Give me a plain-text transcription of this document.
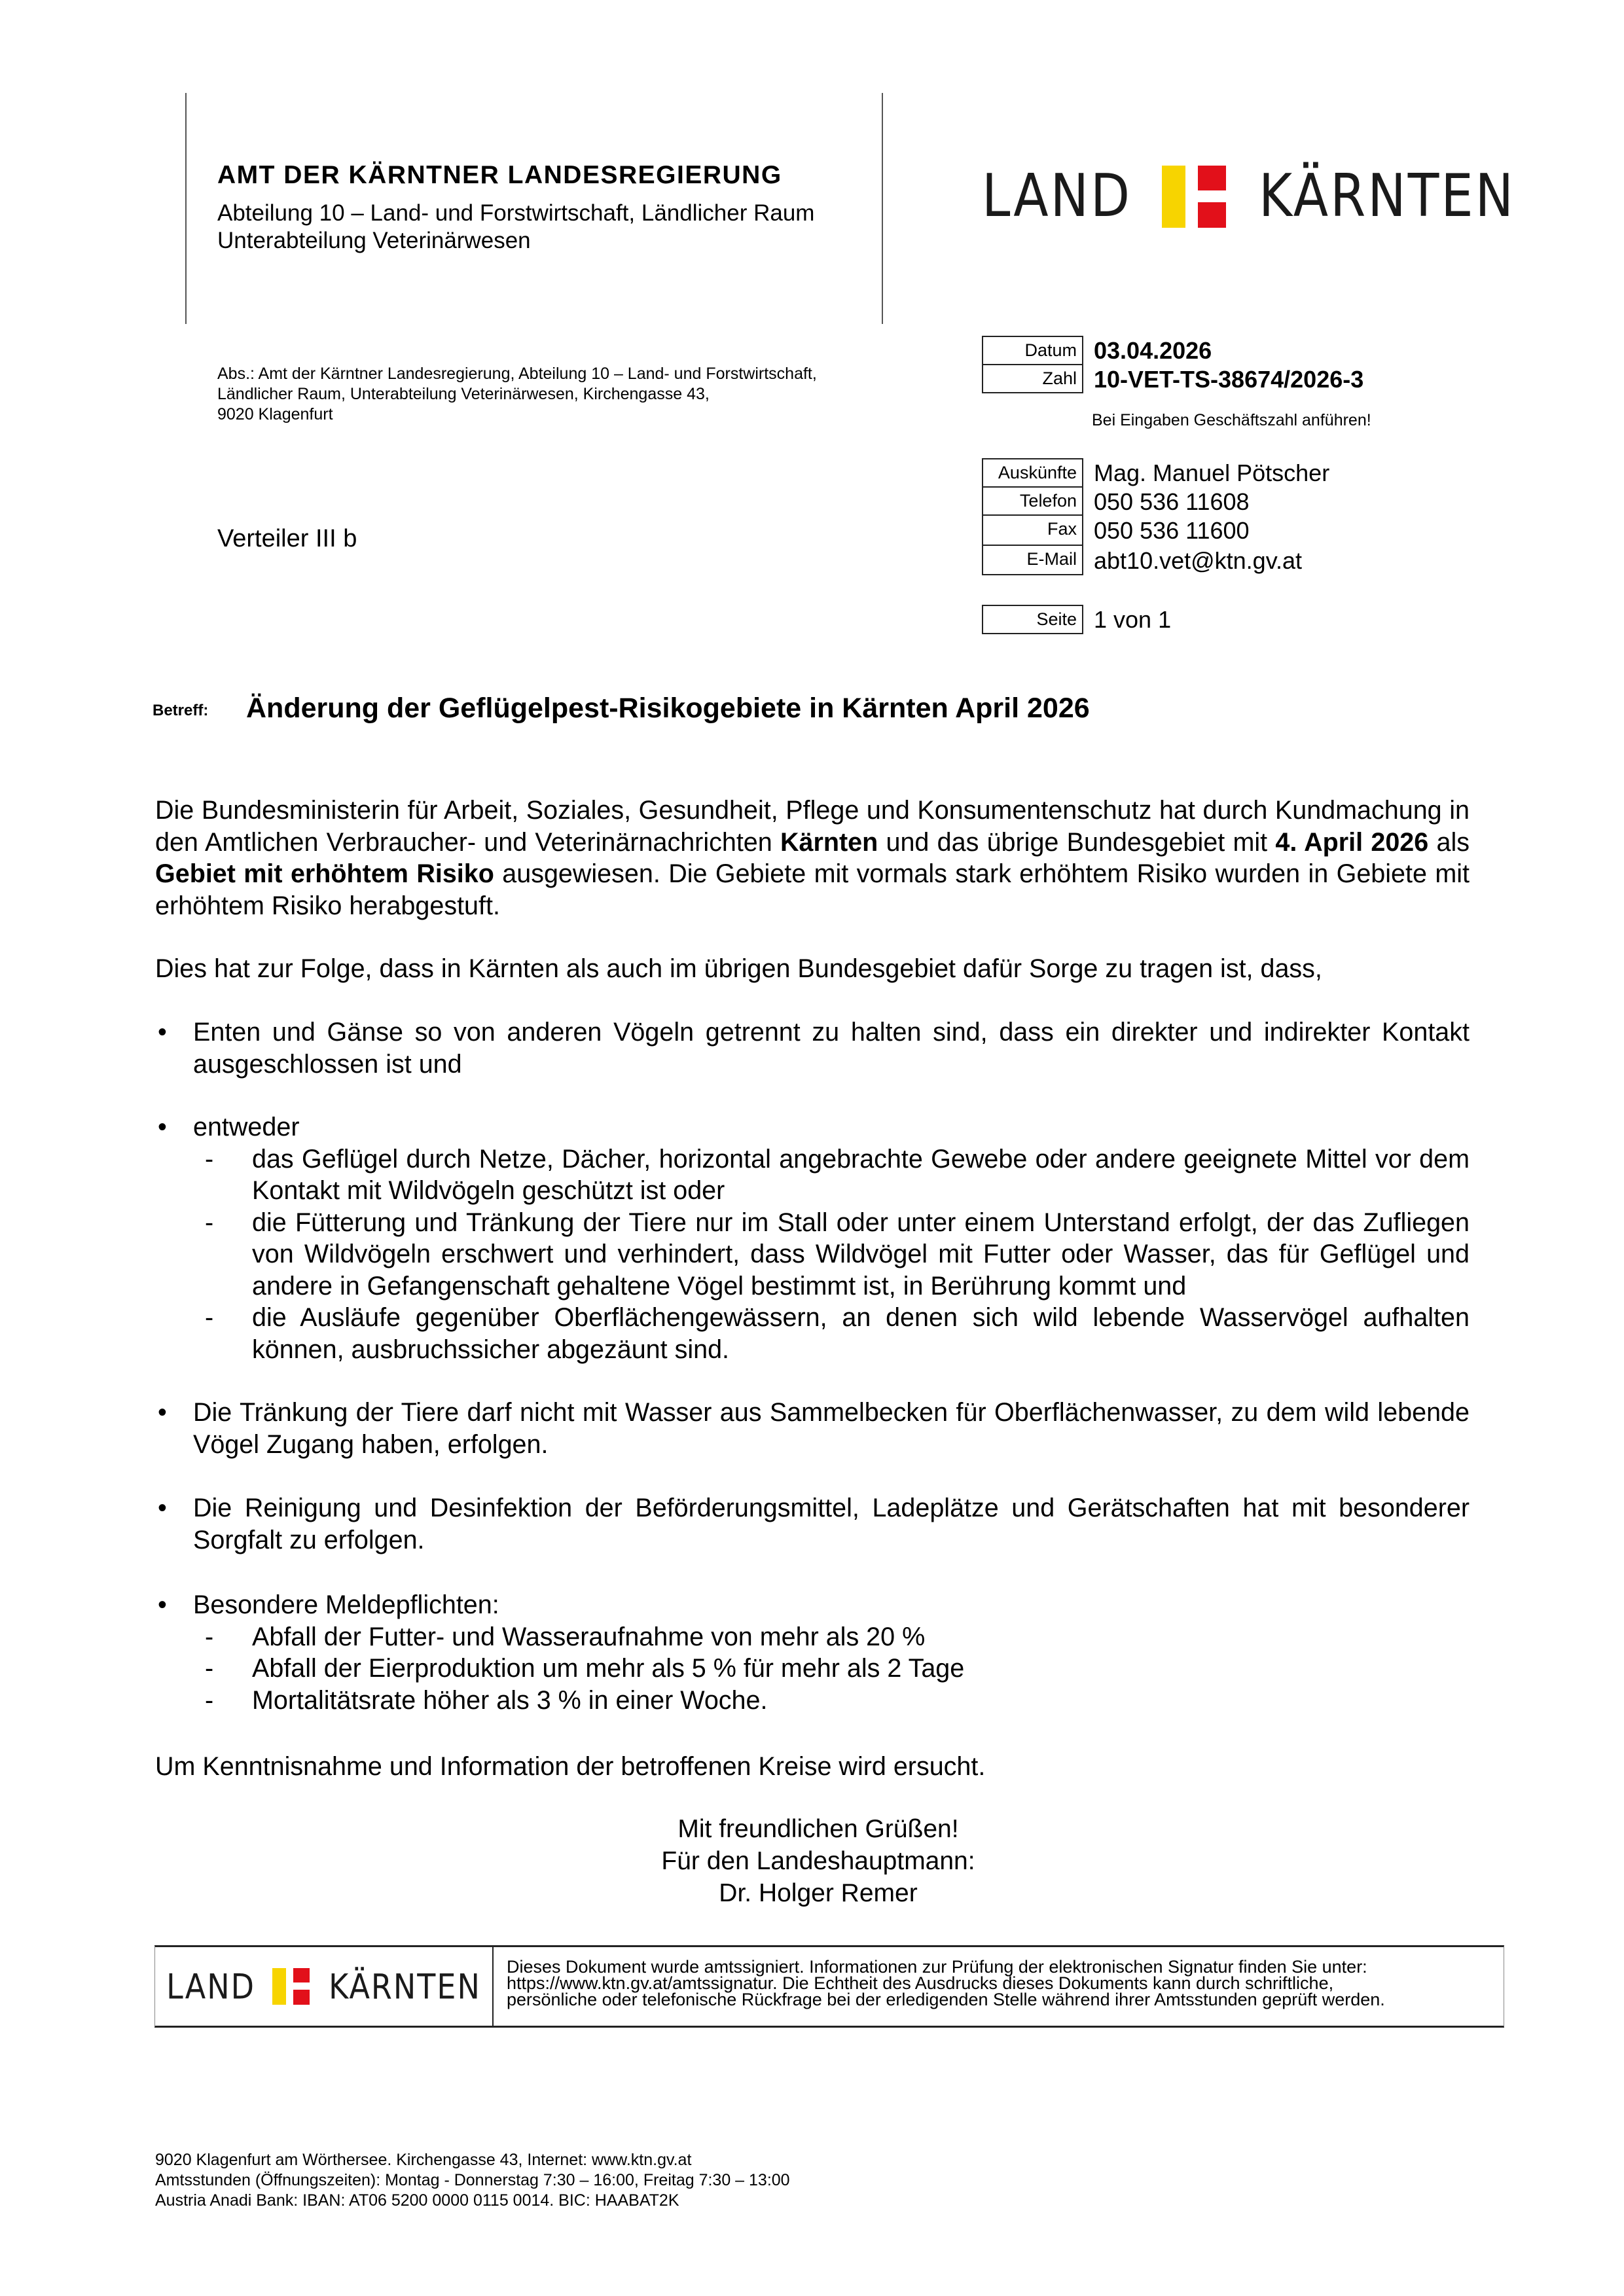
AMT DER KÄRNTNER LANDESREGIERUNG
Abteilung 10 – Land- und Forstwirtschaft, Ländlicher Raum
Unterabteilung Veterinärwesen
LAND KÄRNTEN
Abs.: Amt der Kärntner Landesregierung, Abteilung 10 – Land- und Forstwirtschaft,
Ländlicher Raum, Unterabteilung Veterinärwesen, Kirchengasse 43,
9020 Klagenfurt
Verteiler III b
Datum 03.04.2026
Zahl 10-VET-TS-38674/2026-3
Bei Eingaben Geschäftszahl anführen!
Auskünfte Mag. Manuel Pötscher
Telefon 050 536 11608
Fax 050 536 11600
E-Mail abt10.vet@ktn.gv.at
Seite 1 von 1
Betreff: Änderung der Geflügelpest-Risikogebiete in Kärnten April 2026
Die Bundesministerin für Arbeit, Soziales, Gesundheit, Pflege und Konsumentenschutz hat durch Kundmachung in den Amtlichen Verbraucher- und Veterinärnachrichten Kärnten und das übrige Bundesgebiet mit 4. April 2026 als Gebiet mit erhöhtem Risiko ausgewiesen. Die Gebiete mit vormals stark erhöhtem Risiko wurden in Gebiete mit erhöhtem Risiko herabgestuft.
Dies hat zur Folge, dass in Kärnten als auch im übrigen Bundesgebiet dafür Sorge zu tragen ist, dass,
• Enten und Gänse so von anderen Vögeln getrennt zu halten sind, dass ein direkter und indirekter Kontakt ausgeschlossen ist und
• entweder
- das Geflügel durch Netze, Dächer, horizontal angebrachte Gewebe oder andere geeignete Mittel vor dem Kontakt mit Wildvögeln geschützt ist oder
- die Fütterung und Tränkung der Tiere nur im Stall oder unter einem Unterstand erfolgt, der das Zufliegen von Wildvögeln erschwert und verhindert, dass Wildvögel mit Futter oder Wasser, das für Geflügel und andere in Gefangenschaft gehaltene Vögel bestimmt ist, in Berührung kommt und
- die Ausläufe gegenüber Oberflächengewässern, an denen sich wild lebende Wasservögel aufhalten können, ausbruchssicher abgezäunt sind.
• Die Tränkung der Tiere darf nicht mit Wasser aus Sammelbecken für Oberflächenwasser, zu dem wild lebende Vögel Zugang haben, erfolgen.
• Die Reinigung und Desinfektion der Beförderungsmittel, Ladeplätze und Gerätschaften hat mit besonderer Sorgfalt zu erfolgen.
• Besondere Meldepflichten:
- Abfall der Futter- und Wasseraufnahme von mehr als 20 %
- Abfall der Eierproduktion um mehr als 5 % für mehr als 2 Tage
- Mortalitätsrate höher als 3 % in einer Woche.
Um Kenntnisnahme und Information der betroffenen Kreise wird ersucht.
Mit freundlichen Grüßen!
Für den Landeshauptmann:
Dr. Holger Remer
LAND KÄRNTEN Dieses Dokument wurde amtssigniert. Informationen zur Prüfung der elektronischen Signatur finden Sie unter:
https://www.ktn.gv.at/amtssignatur. Die Echtheit des Ausdrucks dieses Dokuments kann durch schriftliche,
persönliche oder telefonische Rückfrage bei der erledigenden Stelle während ihrer Amtsstunden geprüft werden.
9020 Klagenfurt am Wörthersee. Kirchengasse 43, Internet: www.ktn.gv.at
Amtsstunden (Öffnungszeiten): Montag - Donnerstag 7:30 – 16:00, Freitag 7:30 – 13:00
Austria Anadi Bank: IBAN: AT06 5200 0000 0115 0014. BIC: HAABAT2K
